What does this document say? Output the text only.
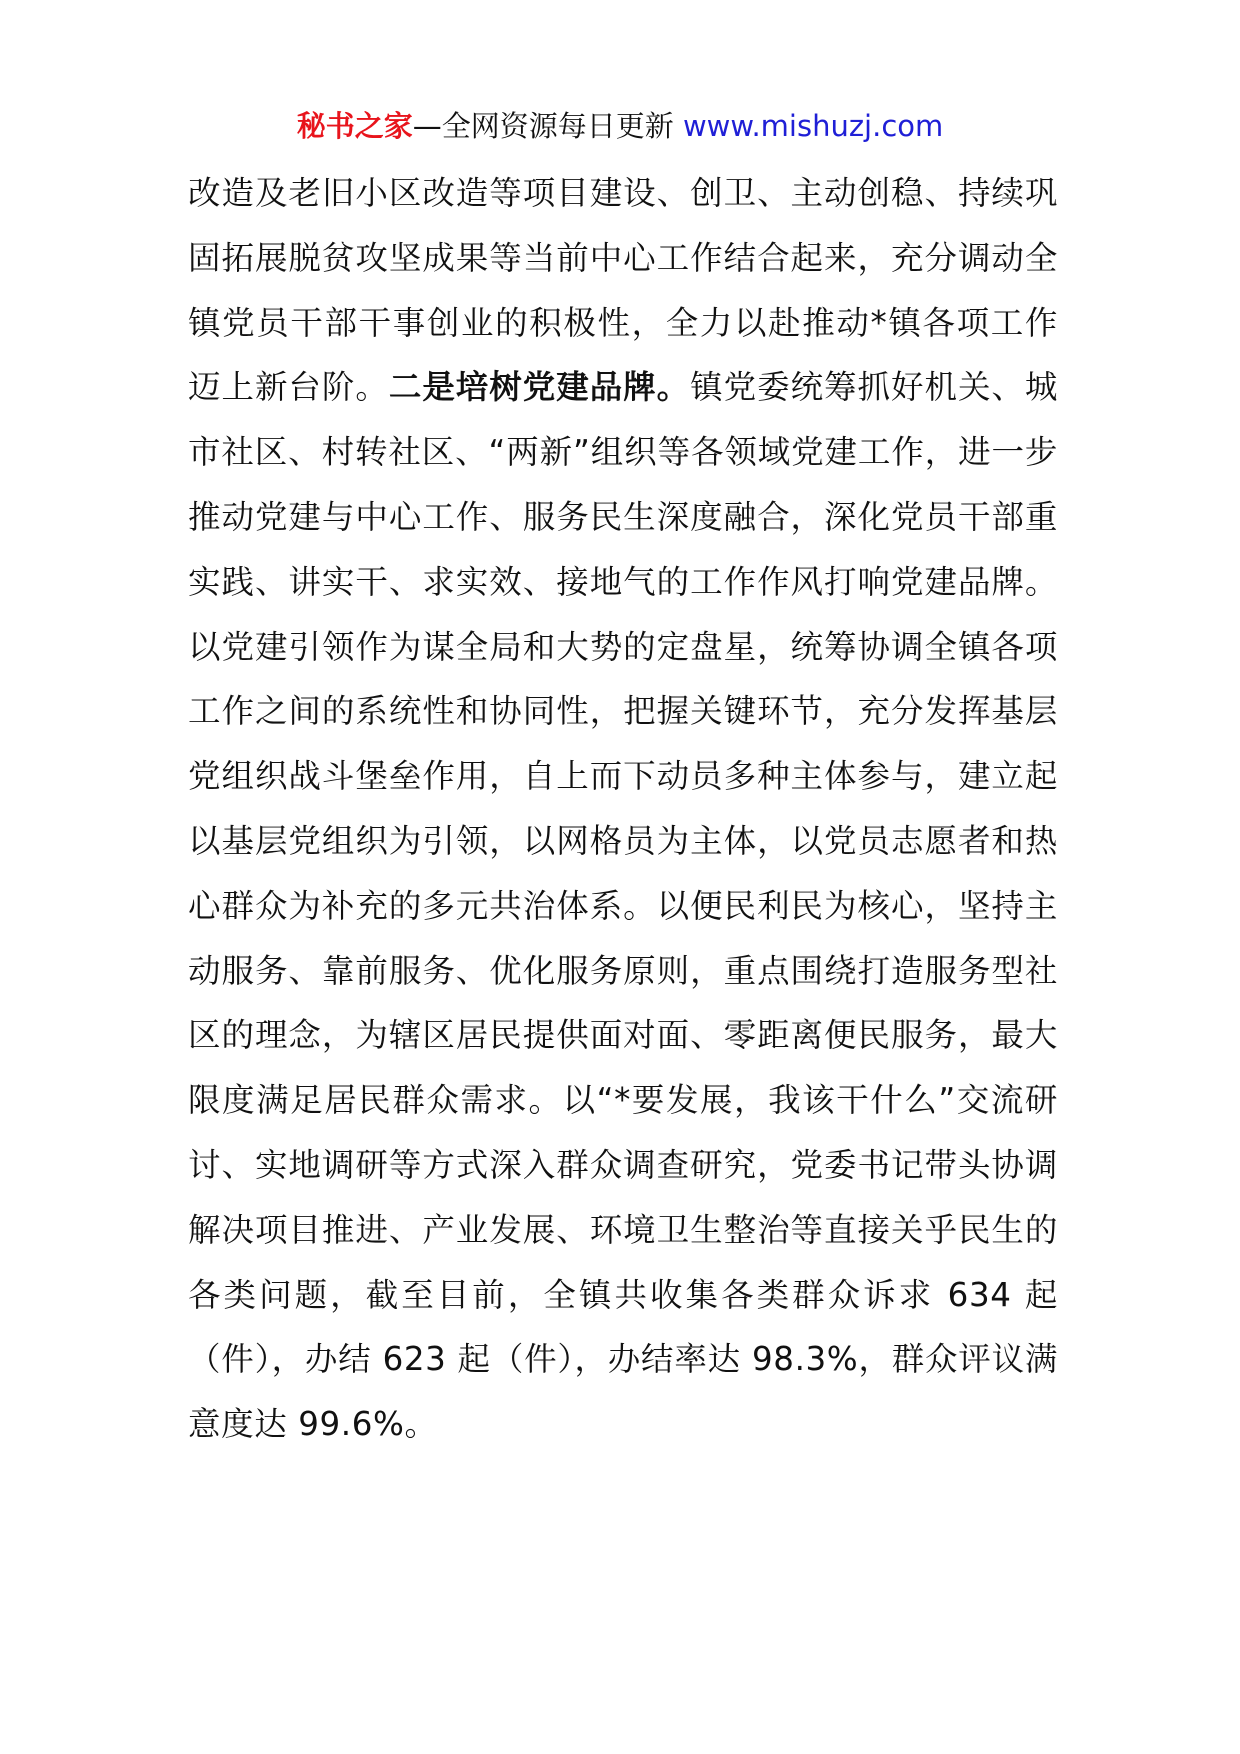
秘书之家—全网资源每日更新 www.mishuzj.com
改造及老旧小区改造等项目建设、创卫、主动创稳、持续巩固拓展脱贫攻坚成果等当前中心工作结合起来，充分调动全镇党员干部干事创业的积极性，全力以赴推动*镇各项工作迈上新台阶。二是培树党建品牌。镇党委统筹抓好机关、城市社区、村转社区、“两新”组织等各领域党建工作，进一步推动党建与中心工作、服务民生深度融合，深化党员干部重实践、讲实干、求实效、接地气的工作作风打响党建品牌。以党建引领作为谋全局和大势的定盘星，统筹协调全镇各项工作之间的系统性和协同性，把握关键环节，充分发挥基层党组织战斗堡垒作用，自上而下动员多种主体参与，建立起以基层党组织为引领，以网格员为主体，以党员志愿者和热心群众为补充的多元共治体系。以便民利民为核心，坚持主动服务、靠前服务、优化服务原则，重点围绕打造服务型社区的理念，为辖区居民提供面对面、零距离便民服务，最大限度满足居民群众需求。以“*要发展，我该干什么”交流研讨、实地调研等方式深入群众调查研究，党委书记带头协调解决项目推进、产业发展、环境卫生整治等直接关乎民生的各类问题，截至目前，全镇共收集各类群众诉求 634 起（件），办结 623 起（件），办结率达 98.3%，群众评议满意度达 99.6%。
